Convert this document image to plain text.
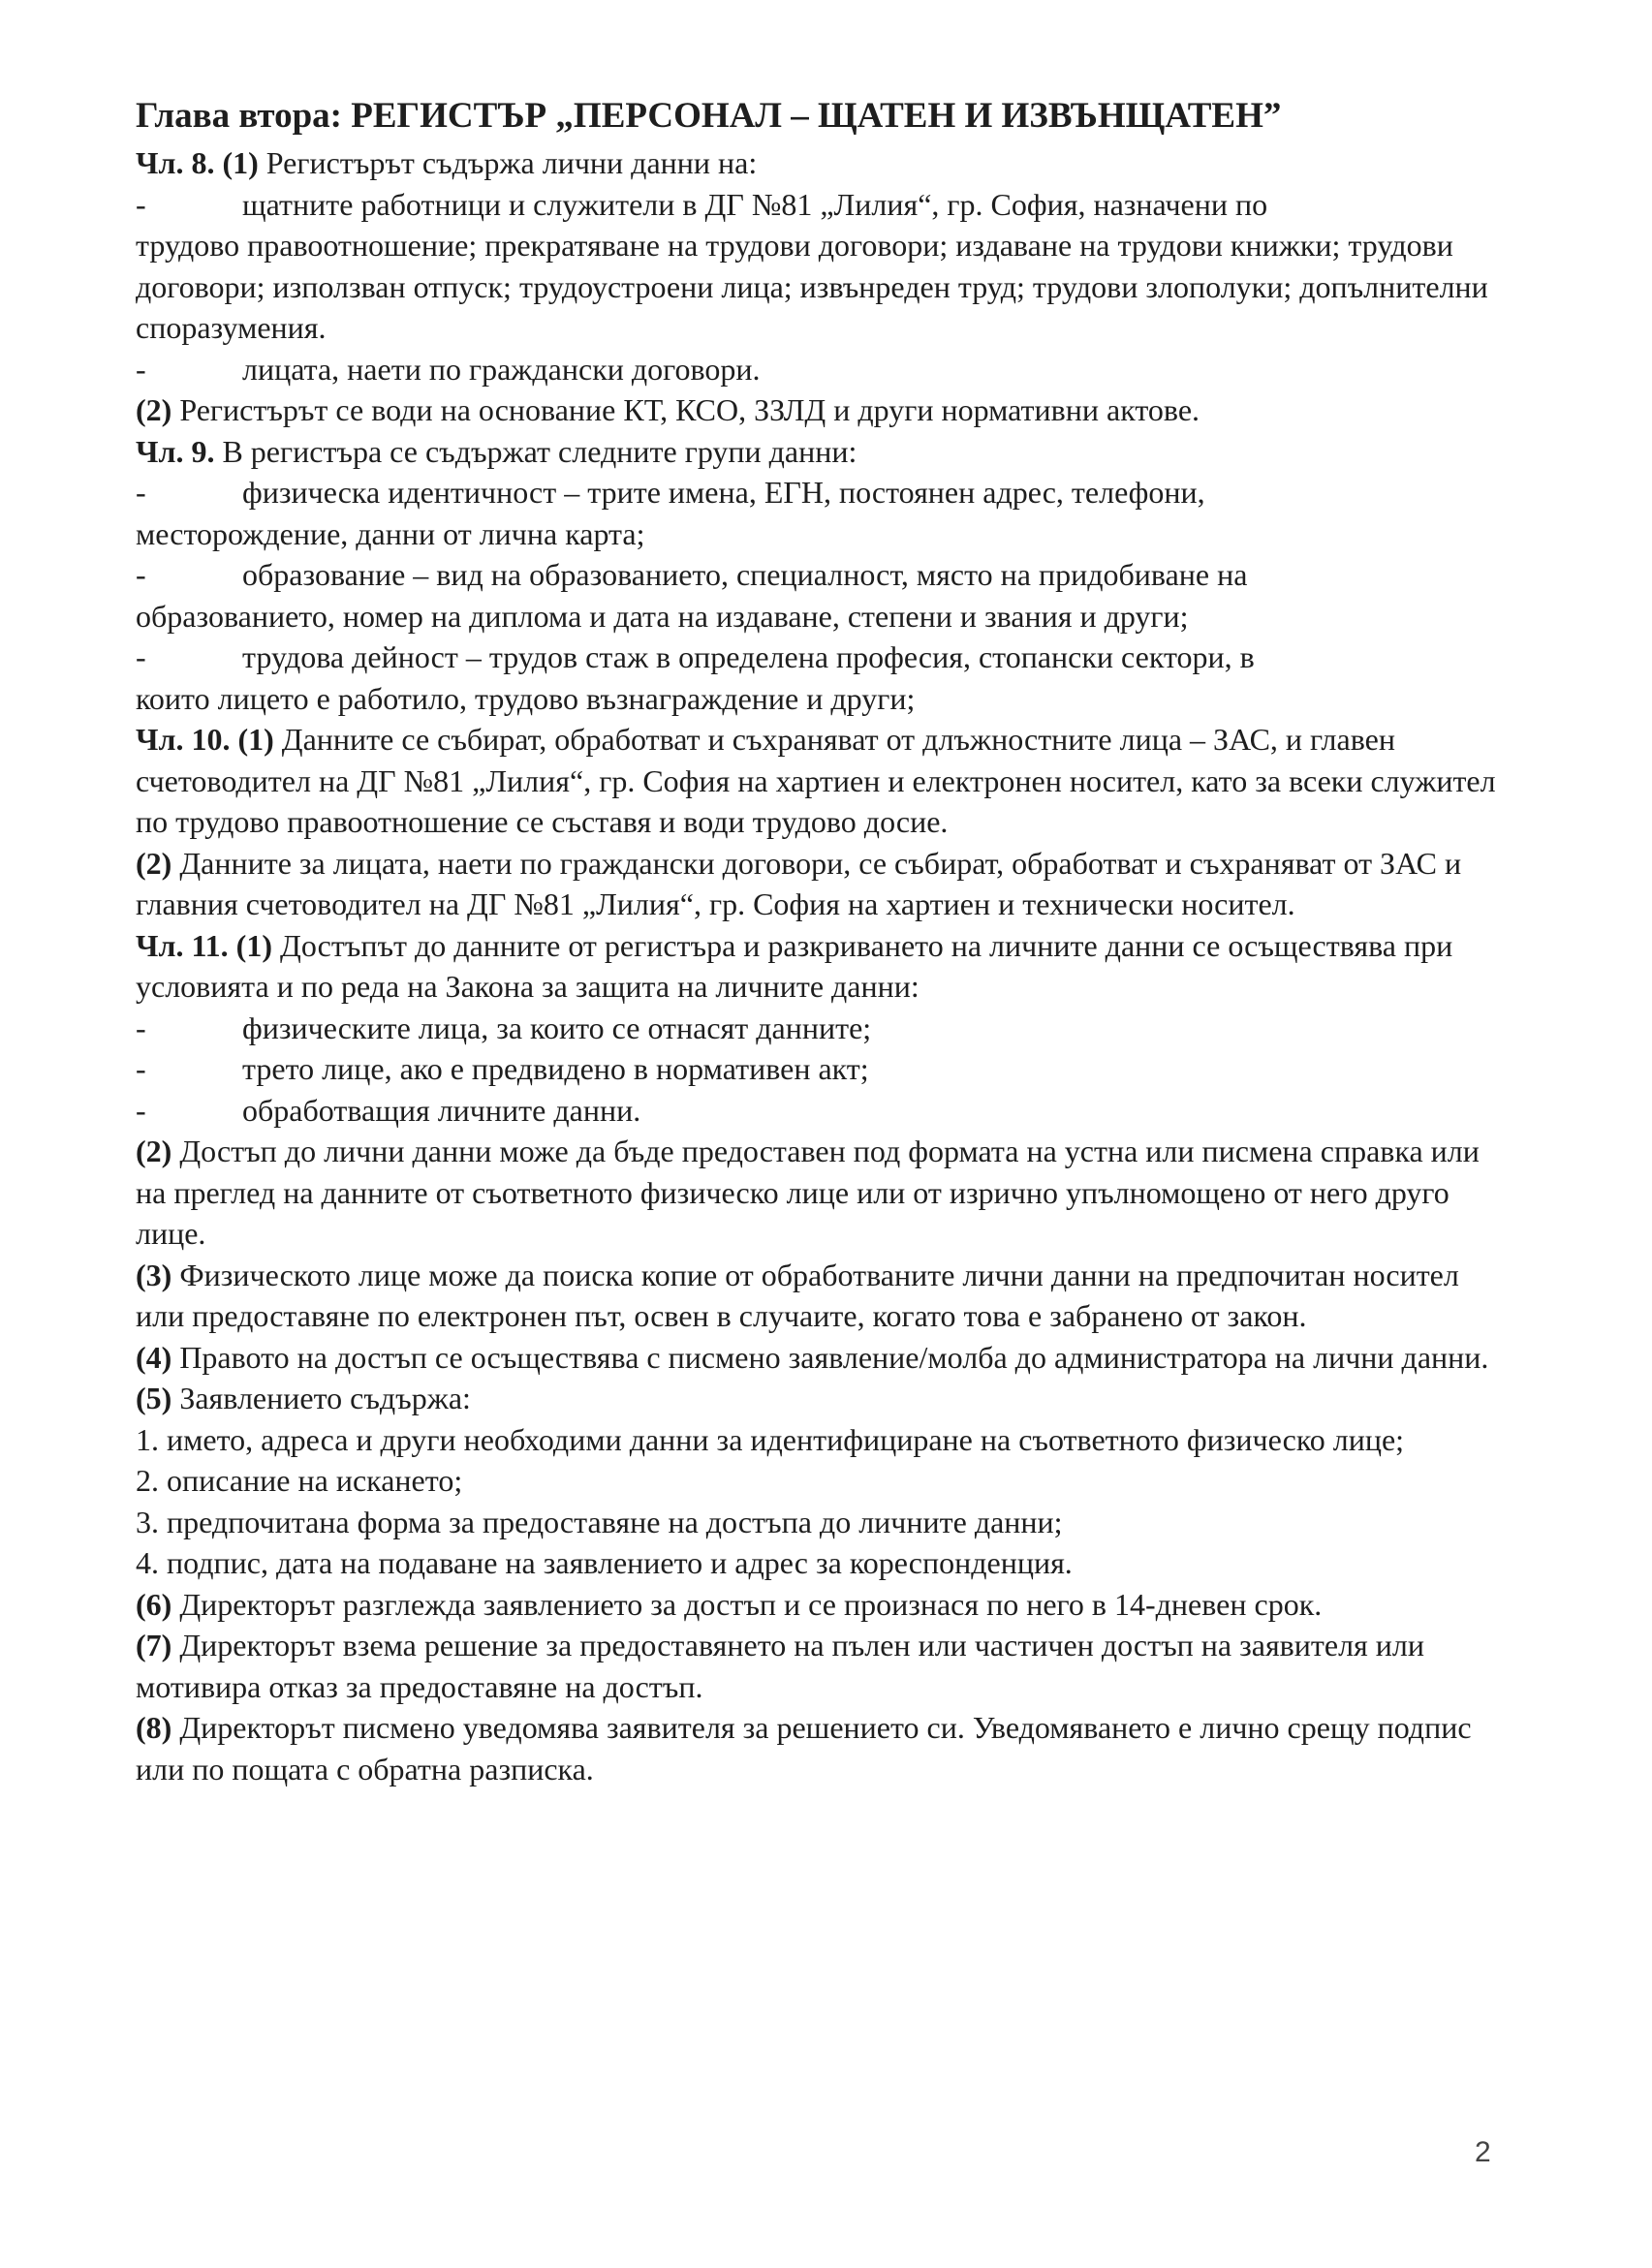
Глава втора: РЕГИСТЪР „ПЕРСОНАЛ – ЩАТЕН И ИЗВЪНЩАТЕН”

Чл. 8. (1) Регистърът съдържа лични данни на:

-	щатните работници и служители в ДГ №81 „Лилия“, гр. София, назначени по

трудово правоотношение; прекратяване на трудови договори; издаване на трудови книжки; трудови договори; използван отпуск; трудоустроени лица; извънреден труд; трудови злополуки; допълнителни споразумения.

-	лицата, наети по граждански договори.

(2) Регистърът се води на основание КТ, КСО, ЗЗЛД и други нормативни актове.

Чл. 9. В регистъра се съдържат следните групи данни:

-	физическа идентичност – трите имена, ЕГН, постоянен адрес, телефони,

месторождение, данни от лична карта;

-	образование – вид на образованието, специалност, място на придобиване на

образованието, номер на диплома и дата на издаване, степени и звания и други;

-	трудова дейност – трудов стаж в определена професия, стопански сектори, в

които лицето е работило, трудово възнаграждение и други;

Чл. 10. (1) Данните се събират, обработват и съхраняват от длъжностните лица – ЗАС, и главен счетоводител на ДГ №81 „Лилия“, гр. София на хартиен и електронен носител, като за всеки служител по трудово правоотношение се съставя и води трудово досие.

(2) Данните за лицата, наети по граждански договори, се събират, обработват и съхраняват от ЗАС и главния счетоводител на ДГ №81 „Лилия“, гр. София на хартиен и технически носител.

Чл. 11. (1) Достъпът до данните от регистъра и разкриването на личните данни се осъществява при условията и по реда на Закона за защита на личните данни:

-	физическите лица, за които се отнасят данните;
-	трето лице, ако е предвидено в нормативен акт;
-	обработващия личните данни.

(2) Достъп до лични данни може да бъде предоставен под формата на устна или писмена справка или на преглед на данните от съответното физическо лице или от изрично упълномощено от него друго лице.

(3) Физическото лице може да поиска копие от обработваните лични данни на предпочитан носител или предоставяне по електронен път, освен в случаите, когато това е забранено от закон.

(4) Правото на достъп се осъществява с писмено заявление/молба до администратора на лични данни.

(5) Заявлението съдържа:

1. името, адреса и други необходими данни за идентифициране на съответното физическо лице;

2. описание на искането;

3. предпочитана форма за предоставяне на достъпа до личните данни;

4. подпис, дата на подаване на заявлението и адрес за кореспонденция.

(6) Директорът разглежда заявлението за достъп и се произнася по него в 14-дневен срок.

(7) Директорът взема решение за предоставянето на пълен или частичен достъп на заявителя или мотивира отказ за предоставяне на достъп.

(8) Директорът писмено уведомява заявителя за решението си. Уведомяването е лично срещу подпис или по пощата с обратна разписка.

2
